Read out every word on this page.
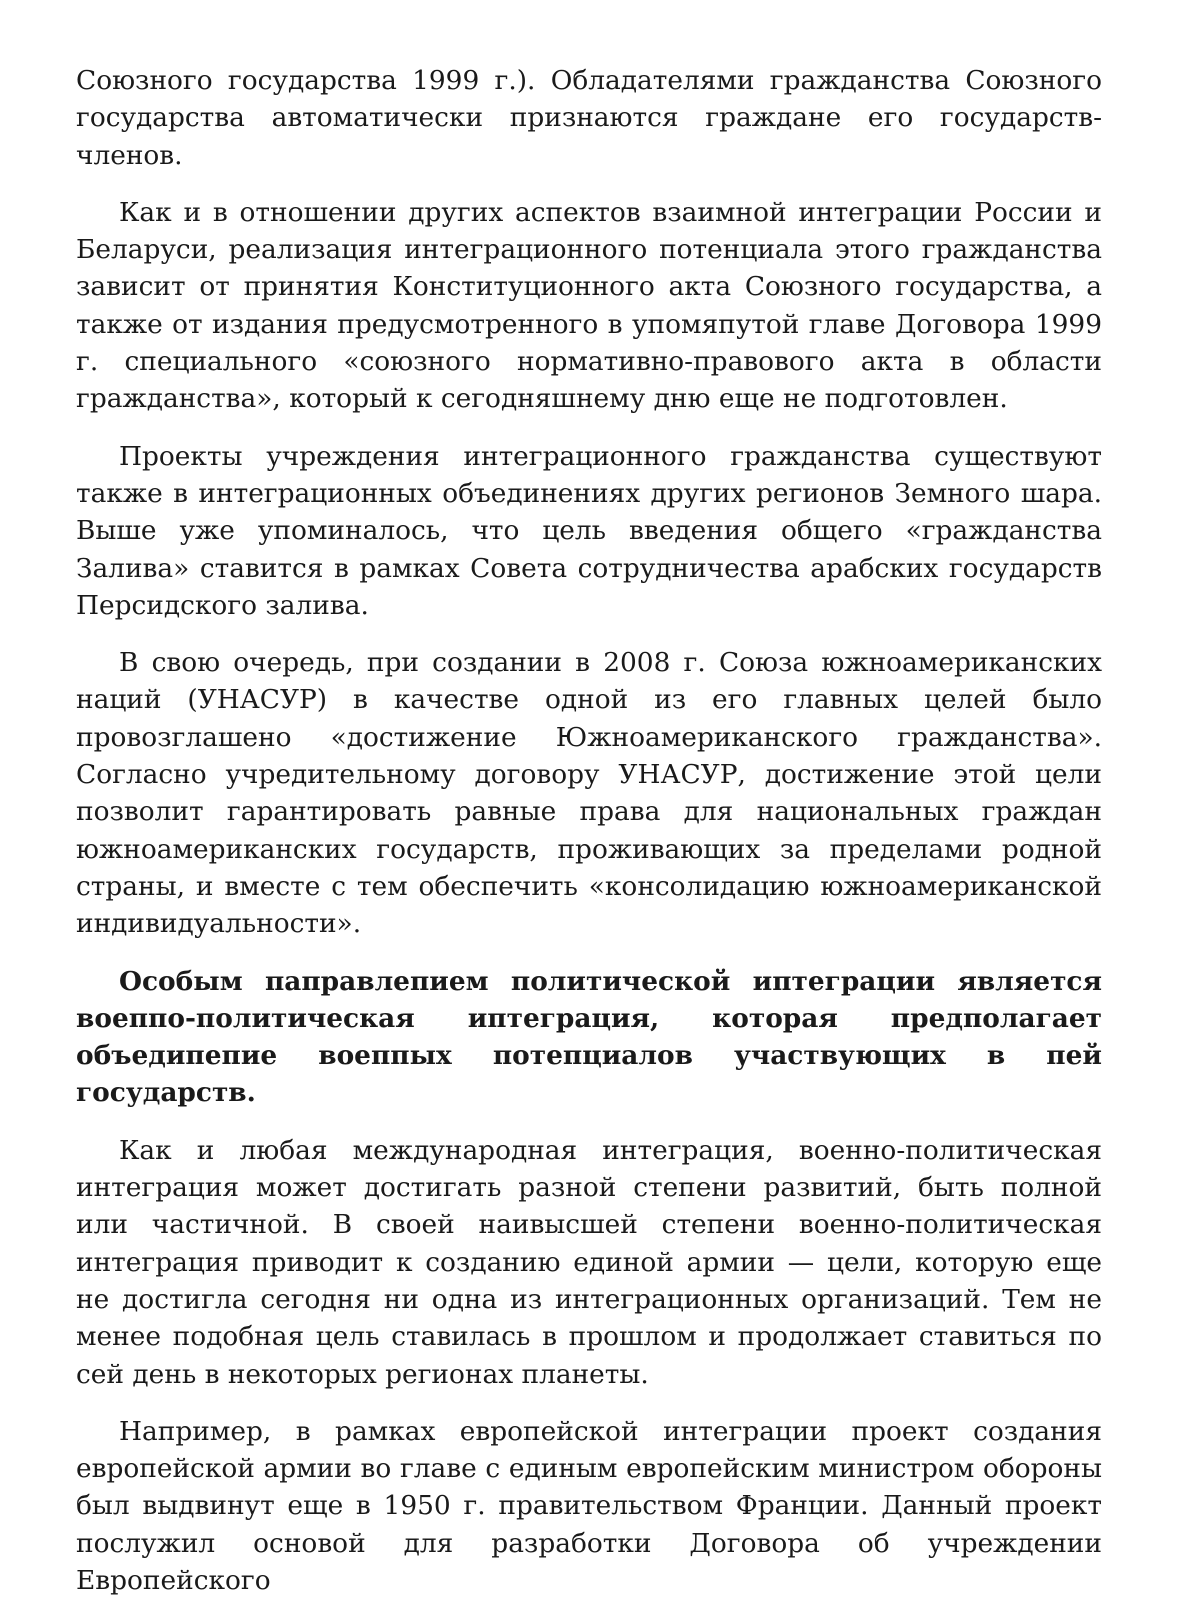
Союзного государства 1999 г.). Обладателями гражданства Союзного государства автоматически признаются граждане его государств-членов.

Как и в отношении других аспектов взаимной интеграции России и Беларуси, реализация интеграционного потенциала этого гражданства зависит от принятия Конституционного акта Союзного государства, а также от издания предусмотренного в упомяпутой главе Договора 1999 г. специального «союзного нормативно-правового акта в области гражданства», который к сегодняшнему дню еще не подготовлен.

Проекты учреждения интеграционного гражданства существуют также в интеграционных объединениях других регионов Земного шара. Выше уже упоминалось, что цель введения общего «гражданства Залива» ставится в рамках Совета сотрудничества арабских государств Персидского залива.

В свою очередь, при создании в 2008 г. Союза южноамериканских наций (УНАСУР) в качестве одной из его главных целей было провозглашено «достижение Южноамериканского гражданства». Согласно учредительному договору УНАСУР, достижение этой цели позволит гарантировать равные права для национальных граждан южноамериканских государств, проживающих за пределами родной страны, и вместе с тем обеспечить «консолидацию южноамериканской индивидуальности».

Особым паправлепием политической иптеграции является воеппо-политическая иптеграция, которая предполагает объедипепие воеппых потепциалов участвующих в пей государств.

Как и любая международная интеграция, военно-политическая интеграция может достигать разной степени развитий, быть полной или частичной. В своей наивысшей степени военно-политическая интеграция приводит к созданию единой армии — цели, которую еще не достигла сегодня ни одна из интеграционных организаций. Тем не менее подобная цель ставилась в прошлом и продолжает ставиться по сей день в некоторых регионах планеты.

Например, в рамках европейской интеграции проект создания европейской армии во главе с единым европейским министром обороны был выдвинут еще в 1950 г. правительством Франции. Данный проект послужил основой для разработки Договора об учреждении Европейского
